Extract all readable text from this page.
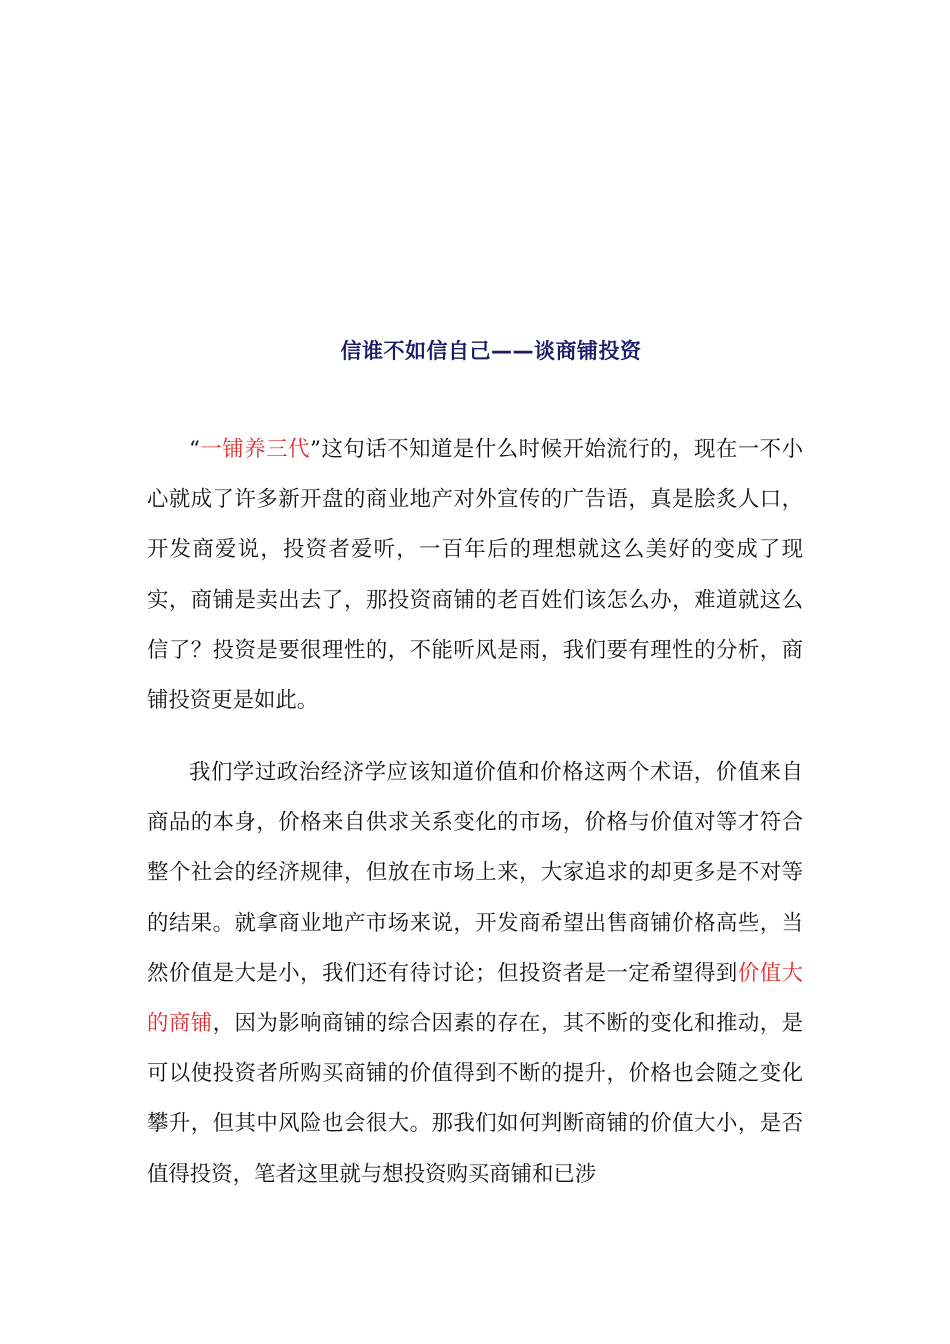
信谁不如信自己——谈商铺投资

“一铺养三代”这句话不知道是什么时候开始流行的，现在一不小心就成了许多新开盘的商业地产对外宣传的广告语，真是脍炙人口，开发商爱说，投资者爱听，一百年后的理想就这么美好的变成了现实，商铺是卖出去了，那投资商铺的老百姓们该怎么办，难道就这么信了？投资是要很理性的，不能听风是雨，我们要有理性的分析，商铺投资更是如此。

我们学过政治经济学应该知道价值和价格这两个术语，价值来自商品的本身，价格来自供求关系变化的市场，价格与价值对等才符合整个社会的经济规律，但放在市场上来，大家追求的却更多是不对等的结果。就拿商业地产市场来说，开发商希望出售商铺价格高些，当然价值是大是小，我们还有待讨论；但投资者是一定希望得到价值大的商铺，因为影响商铺的综合因素的存在，其不断的变化和推动，是可以使投资者所购买商铺的价值得到不断的提升，价格也会随之变化攀升，但其中风险也会很大。那我们如何判断商铺的价值大小，是否值得投资，笔者这里就与想投资购买商铺和已涉
